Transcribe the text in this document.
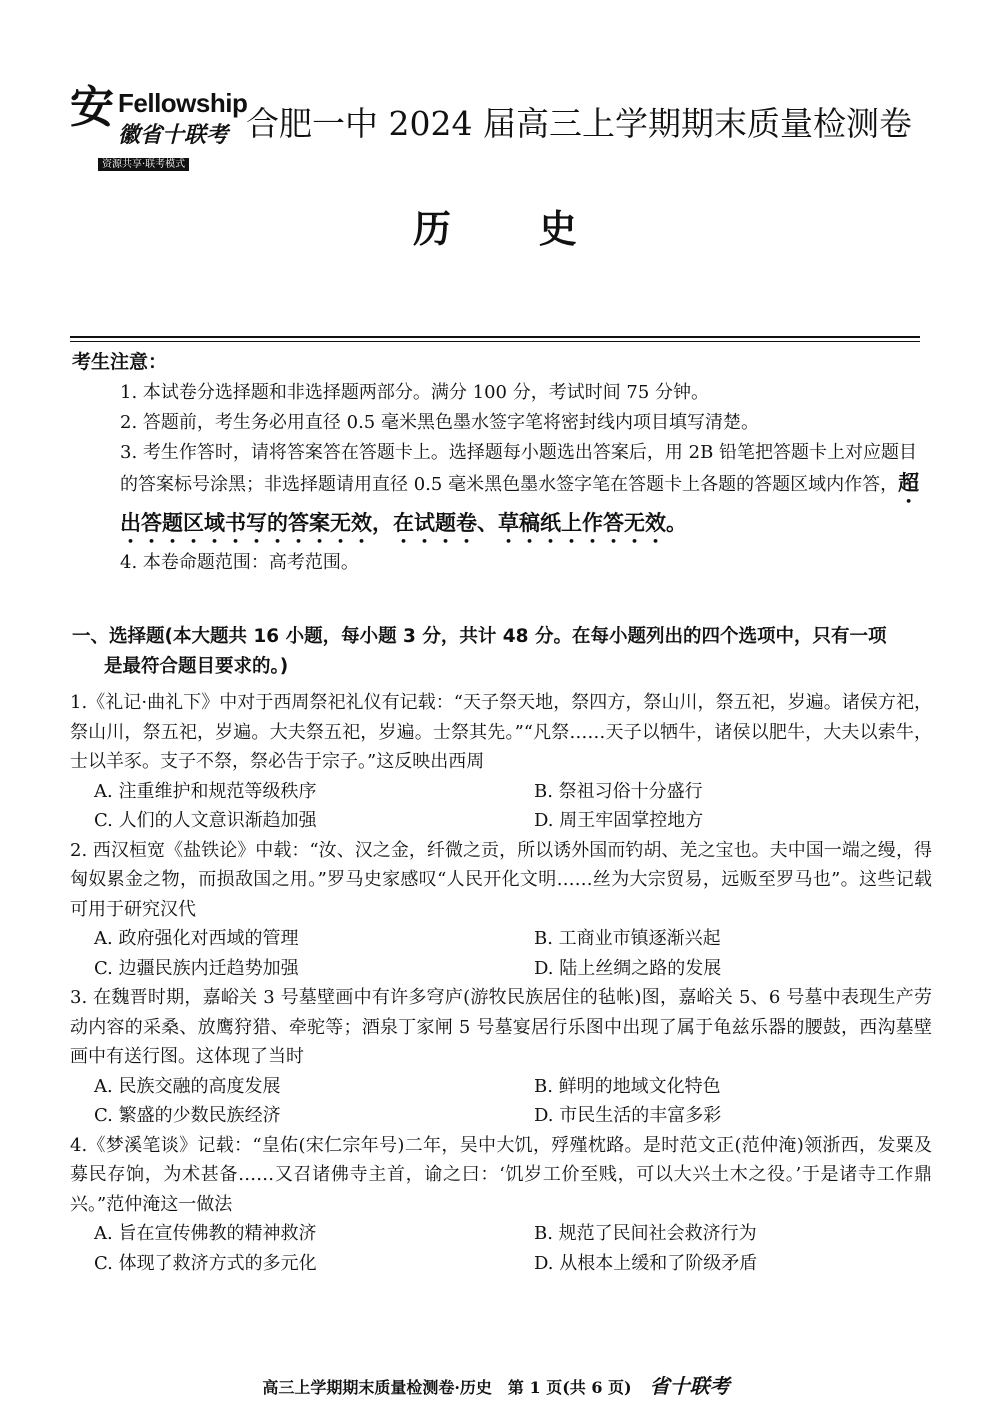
安 Fellowship
徽省十联考
资源共享·联考模式
合肥一中 2024 届高三上学期期末质量检测卷
历 史
考生注意：

1. 本试卷分选择题和非选择题两部分。满分 100 分，考试时间 75 分钟。

2. 答题前，考生务必用直径 0.5 毫米黑色墨水签字笔将密封线内项目填写清楚。

3. 考生作答时，请将答案答在答题卡上。选择题每小题选出答案后，用 2B 铅笔把答题卡上对应题目的答案标号涂黑；非选择题请用直径 0.5 毫米黑色墨水签字笔在答题卡上各题的答题区域内作答，超出答题区域书写的答案无效，在试题卷、草稿纸上作答无效。

4. 本卷命题范围：高考范围。

一、选择题(本大题共 16 小题，每小题 3 分，共计 48 分。在每小题列出的四个选项中，只有一项
是最符合题目要求的。)
1.《礼记·曲礼下》中对于西周祭祀礼仪有记载：“天子祭天地，祭四方，祭山川，祭五祀，岁遍。诸侯方祀，祭山川，祭五祀，岁遍。大夫祭五祀，岁遍。士祭其先。”“凡祭……天子以牺牛，诸侯以肥牛，大夫以索牛，士以羊豕。支子不祭，祭必告于宗子。”这反映出西周
A. 注重维护和规范等级秩序	B. 祭祖习俗十分盛行
C. 人们的人文意识渐趋加强	D. 周王牢固掌控地方
2. 西汉桓宽《盐铁论》中载：“汝、汉之金，纤微之贡，所以诱外国而钓胡、羌之宝也。夫中国一端之缦，得匈奴累金之物，而损敌国之用。”罗马史家感叹“人民开化文明……丝为大宗贸易，远贩至罗马也”。这些记载可用于研究汉代
A. 政府强化对西域的管理	B. 工商业市镇逐渐兴起
C. 边疆民族内迁趋势加强	D. 陆上丝绸之路的发展
3. 在魏晋时期，嘉峪关 3 号墓壁画中有许多穹庐(游牧民族居住的毡帐)图，嘉峪关 5、6 号墓中表现生产劳动内容的采桑、放鹰狩猎、牵驼等；酒泉丁家闸 5 号墓宴居行乐图中出现了属于龟兹乐器的腰鼓，西沟墓壁画中有送行图。这体现了当时
A. 民族交融的高度发展	B. 鲜明的地域文化特色
C. 繁盛的少数民族经济	D. 市民生活的丰富多彩
4.《梦溪笔谈》记载：“皇佑(宋仁宗年号)二年，吴中大饥，殍殣枕路。是时范文正(范仲淹)领浙西，发粟及募民存饷，为术甚备……又召诸佛寺主首，谕之曰：‘饥岁工价至贱，可以大兴土木之役。’于是诸寺工作鼎兴。”范仲淹这一做法
A. 旨在宣传佛教的精神救济	B. 规范了民间社会救济行为
C. 体现了救济方式的多元化	D. 从根本上缓和了阶级矛盾
高三上学期期末质量检测卷·历史　第 1 页(共 6 页) 省十联考
